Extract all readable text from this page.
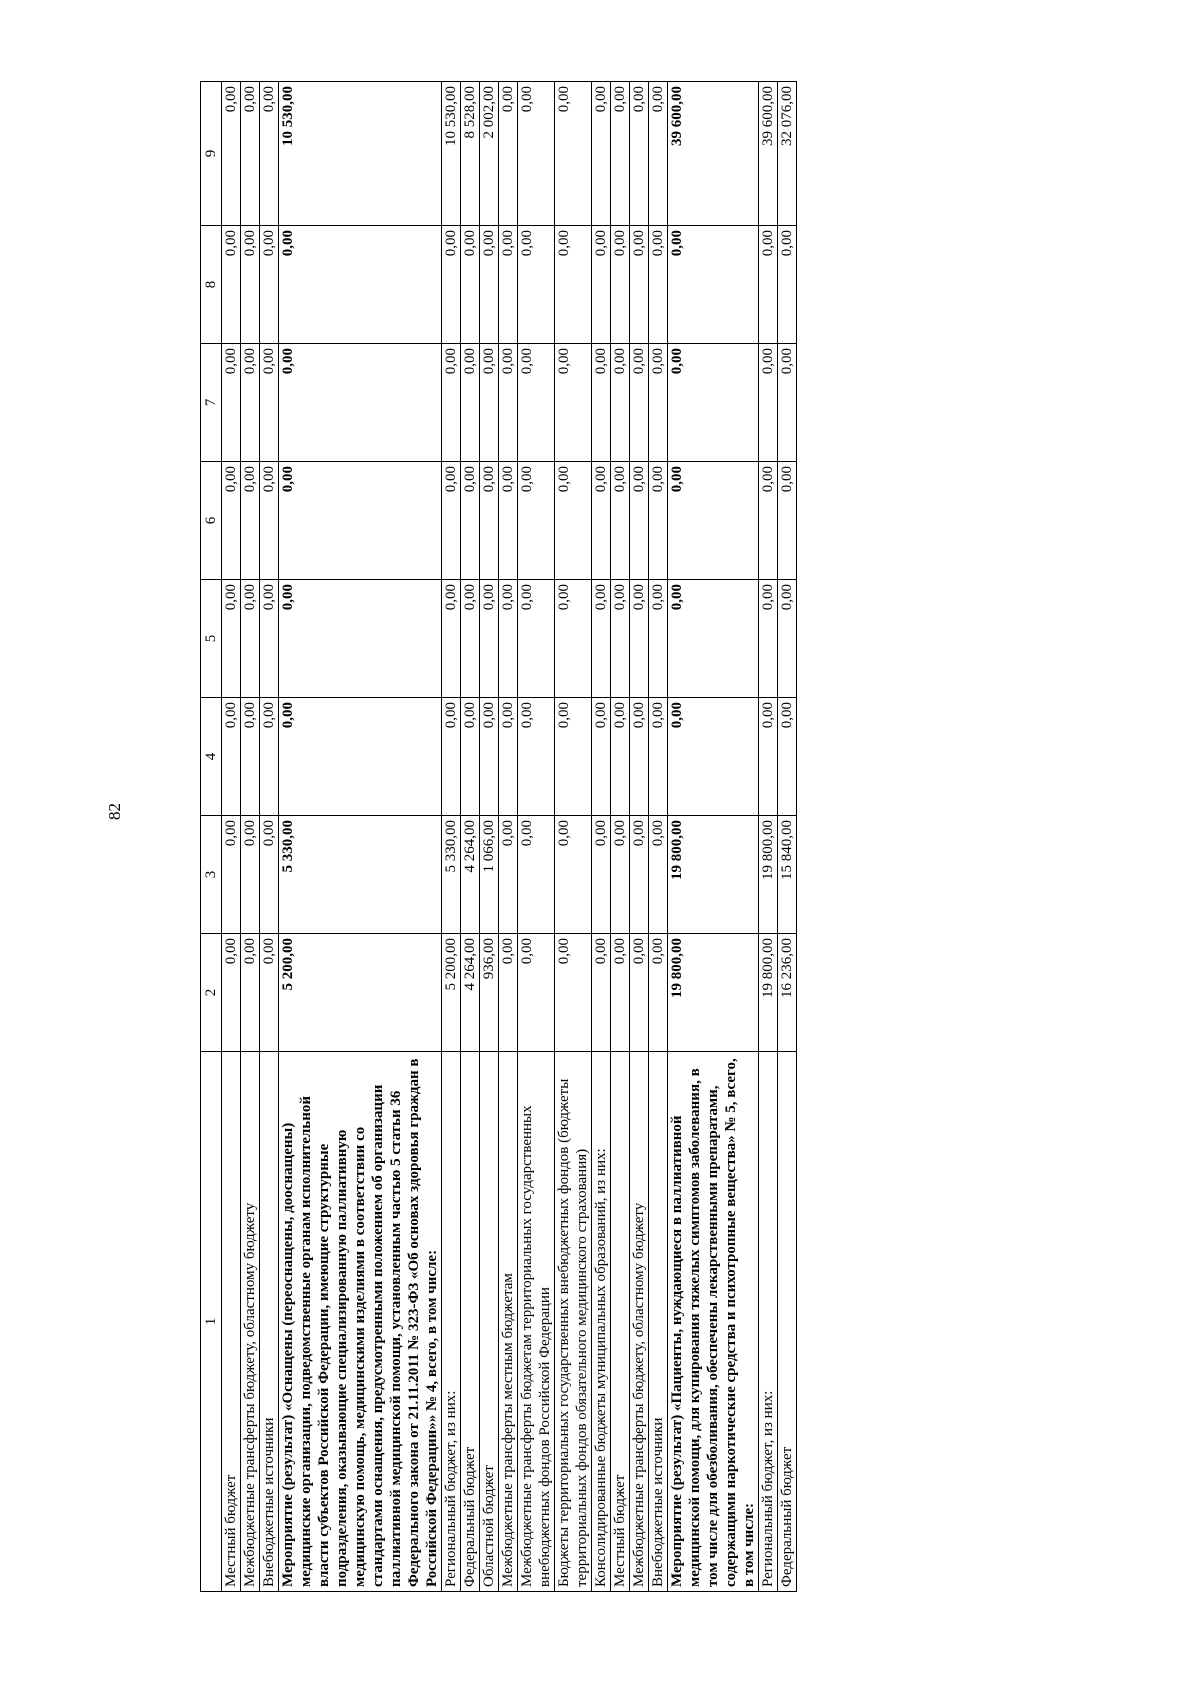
82
1	2	3	4	5	6	7	8	9
Местный бюджет	0,00	0,00	0,00	0,00	0,00	0,00	0,00	0,00
Межбюджетные трансферты бюджету, областному бюджету	0,00	0,00	0,00	0,00	0,00	0,00	0,00	0,00
Внебюджетные источники	0,00	0,00	0,00	0,00	0,00	0,00	0,00	0,00
Мероприятие (результат) «Оснащены (переоснащены, дооснащены) медицинские организации, подведомственные органам исполнительной власти субъектов Российской Федерации, имеющие структурные подразделения, оказывающие специализированную паллиативную медицинскую помощь, медицинскими изделиями в соответствии со стандартами оснащения, предусмотренными положением об организации паллиативной медицинской помощи, установленным частью 5 статьи 36 Федерального закона от 21.11.2011 № 323-ФЗ «Об основах здоровья граждан в Российской Федерации»» № 4, всего, в том числе:	5 200,00	5 330,00	0,00	0,00	0,00	0,00	0,00	10 530,00
Региональный бюджет, из них:	5 200,00	5 330,00	0,00	0,00	0,00	0,00	0,00	10 530,00
Федеральный бюджет	4 264,00	4 264,00	0,00	0,00	0,00	0,00	0,00	8 528,00
Областной бюджет	936,00	1 066,00	0,00	0,00	0,00	0,00	0,00	2 002,00
Межбюджетные трансферты местным бюджетам	0,00	0,00	0,00	0,00	0,00	0,00	0,00	0,00
Межбюджетные трансферты бюджетам территориальных государственных внебюджетных фондов Российской Федерации	0,00	0,00	0,00	0,00	0,00	0,00	0,00	0,00
Бюджеты территориальных государственных внебюджетных фондов (бюджеты территориальных фондов обязательного медицинского страхования)	0,00	0,00	0,00	0,00	0,00	0,00	0,00	0,00
Консолидированные бюджеты муниципальных образований, из них:	0,00	0,00	0,00	0,00	0,00	0,00	0,00	0,00
Местный бюджет	0,00	0,00	0,00	0,00	0,00	0,00	0,00	0,00
Межбюджетные трансферты бюджету, областному бюджету	0,00	0,00	0,00	0,00	0,00	0,00	0,00	0,00
Внебюджетные источники	0,00	0,00	0,00	0,00	0,00	0,00	0,00	0,00
Мероприятие (результат) «Пациенты, нуждающиеся в паллиативной медицинской помощи, для купирования тяжелых симптомов заболевания, в том числе для обезболивания, обеспечены лекарственными препаратами, содержащими наркотические средства и психотропные вещества» № 5, всего, в том числе:	19 800,00	19 800,00	0,00	0,00	0,00	0,00	0,00	39 600,00
Региональный бюджет, из них:	19 800,00	19 800,00	0,00	0,00	0,00	0,00	0,00	39 600,00
Федеральный бюджет	16 236,00	15 840,00	0,00	0,00	0,00	0,00	0,00	32 076,00
